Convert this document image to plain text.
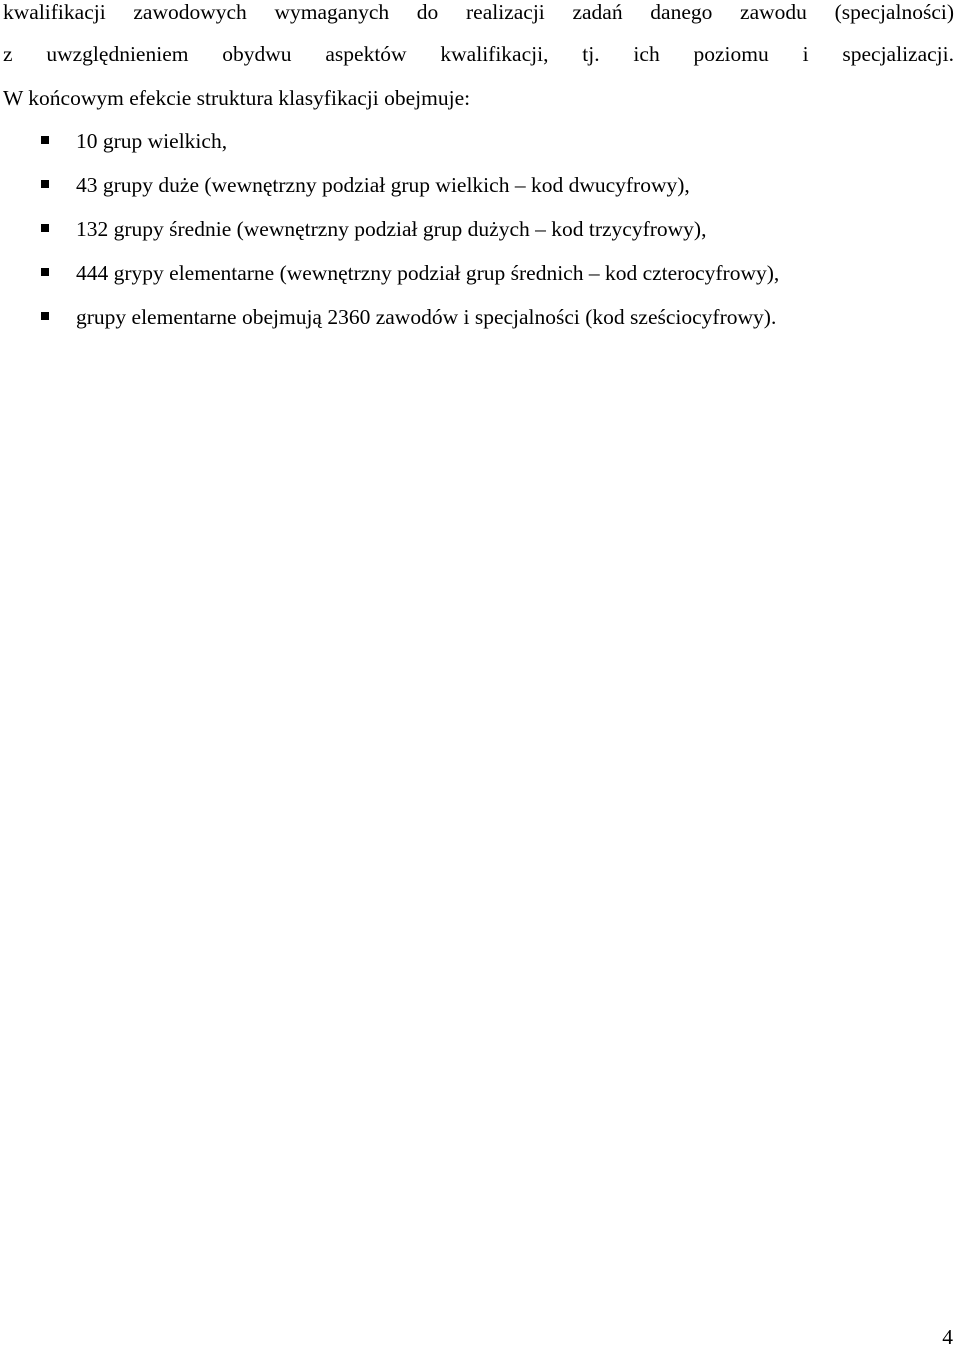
kwalifikacji zawodowych wymaganych do realizacji zadań danego zawodu (specjalności)
z uwzględnieniem obydwu aspektów kwalifikacji, tj. ich poziomu i specjalizacji.
W końcowym efekcie struktura klasyfikacji obejmuje:
10 grup wielkich,
43 grupy duże (wewnętrzny podział grup wielkich – kod dwucyfrowy),
132 grupy średnie (wewnętrzny podział grup dużych – kod trzycyfrowy),
444 grypy elementarne (wewnętrzny podział grup średnich – kod czterocyfrowy),
grupy elementarne obejmują 2360 zawodów i specjalności (kod sześciocyfrowy).
4
